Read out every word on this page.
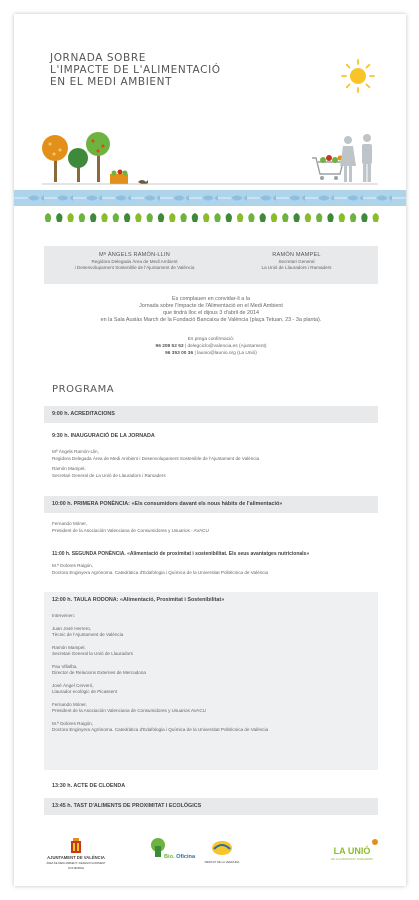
JORNADA SOBRE
L'IMPACTE DE L'ALIMENTACIÓ
EN EL MEDI AMBIENT
Mª ÀNGELS RAMÓN-LLIN
Regidora Delegada Àrea de Medi Ambient
i Desenvolupament Sostenible de l'Ajuntament de València
RAMÓN MAMPEL
Secretari General
La Unió de Llauradors i Ramaders
Es complauen en convidar-li a la
Jornada sobre l'Impacte de l'Alimentació en el Medi Ambient
que tindrà lloc el dijous 3 d'abril de 2014
en la Sala Ausiàs March de la Fundació Bancaixa de València (plaça Tetuan, 23 - 3a planta).
Es prega confirmació:
96 208 52 53 | delegciclo@valencia.es (Ajuntament)
96 353 00 36 | launio@launio.org (La Unió)
PROGRAMA
9:00 h. ACREDITACIONS
9:30 h. INAUGURACIÓ DE LA JORNADA
Mª Àngels Ramón-Llin,
Regidora Delegada Àrea de Medi Ambient i Desenvolupament Sostenible de l'Ajuntament de València
Ramón Mampel,
Secretari General de La Unió de Llauradors i Ramaders
10:00 h. PRIMERA PONÈNCIA: «Els consumidors davant els nous hàbits de l'alimentació»
Fernando Móner,
President de la Asociación Valenciana de Consumidores y Usuarios - AVACU
11:00 h. SEGUNDA PONÈNCIA. «Alimentació de proximitat i sostenibilitat. Els seus avantatges nutricionals»
M.ª Dolores Raigón,
Doctora Enginyera Agrònoma. Catedràtica d'Edafologia i Química de la Universitat Politècnica de València
12:00 h. TAULA RODONA: «Alimentació, Proximitat i Sostenibilitat»
Intervenen:
Juan José Herrero,
Tècnic de l'Ajuntament de València
Ramón Mampel,
Secretari General la Unió de Llauradors
Pau Villalba,
Director de Relacions Externes de Mercadona
José Ángel Cerveró,
Llaurador ecològic de Picassent
Fernando Móner,
President de la Asociación Valenciana de Consumidores y Usuarios AVACU
M.ª Dolores Raigón,
Doctora Enginyera Agrònoma. Catedràtica d'Edafologia i Química de la Universitat Politècnica de València
13:30 h. ACTE DE CLOENDA
13:45 h. TAST D'ALIMENTS DE PROXIMITAT I ECOLÒGICS
AJUNTAMENT DE VALÈNCIA
ÀREA DE MEDI AMBIENT I DESENVOLUPAMENT SOSTENIBLE
Bio. Oficina
MERCAT DE LA VERDURA
LA UNIÓ
DE LLAURADORS I RAMADERS
